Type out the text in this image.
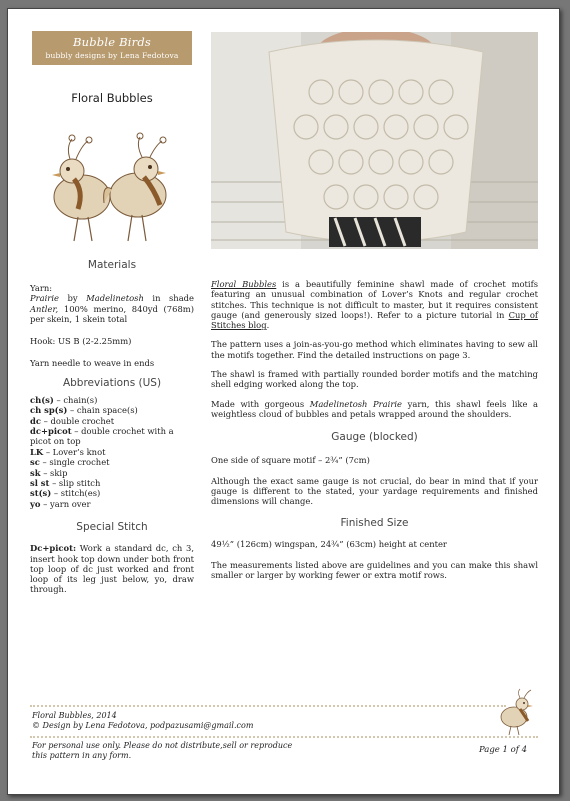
Bubble Birds
bubbly designs by Lena Fedotova
Floral Bubbles
Materials
Yarn:
Prairie by Madelinetosh in shade Antler, 100% merino, 840yd (768m) per skein, 1 skein total
Hook: US B (2-2.25mm)
Yarn needle to weave in ends
Abbreviations (US)
ch(s) – chain(s)
ch sp(s) – chain space(s)
dc – double crochet
dc+picot – double crochet with a picot on top
LK – Lover’s knot
sc – single crochet
sk – skip
sl st – slip stitch
st(s) – stitch(es)
yo – yarn over
Special Stitch
Dc+picot: Work a standard dc, ch 3, insert hook top down under both front top loop of dc just worked and front loop of its leg just below, yo, draw through.

Floral Bubbles is a beautifully feminine shawl made of crochet motifs featuring an unusual combination of Lover’s Knots and regular crochet stitches. This technique is not difficult to master, but it requires consistent gauge (and generously sized loops!). Refer to a picture tutorial in Cup of Stitches blog.

The pattern uses a join-as-you-go method which eliminates having to sew all the motifs together. Find the detailed instructions on page 3.

The shawl is framed with partially rounded border motifs and the matching shell edging worked along the top.

Made with gorgeous Madelinetosh Prairie yarn, this shawl feels like a weightless cloud of bubbles and petals wrapped around the shoulders.

Gauge (blocked)

One side of square motif – 2¾” (7cm)

Although the exact same gauge is not crucial, do bear in mind that if your gauge is different to the stated, your yardage requirements and finished dimensions will change.

Finished Size

49½” (126cm) wingspan, 24¾” (63cm) height at center

The measurements listed above are guidelines and you can make this shawl smaller or larger by working fewer or extra motif rows.

Floral Bubbles, 2014
© Design by Lena Fedotova, podpazusami@gmail.com
For personal use only. Please do not distribute,sell or reproduce
this pattern in any form.
Page 1 of 4
